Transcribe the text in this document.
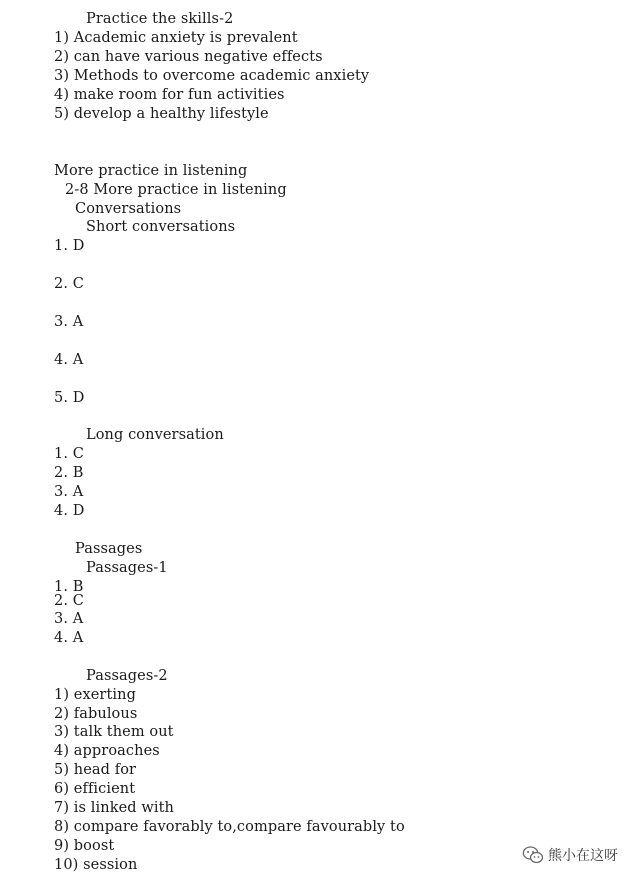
Practice the skills-2
1) Academic anxiety is prevalent
2) can have various negative effects
3) Methods to overcome academic anxiety
4) make room for fun activities
5) develop a healthy lifestyle
More practice in listening
2-8 More practice in listening
Conversations
Short conversations
1. D
2. C
3. A
4. A
5. D
Long conversation
1. C
2. B
3. A
4. D
Passages
Passages-1
1. B
2. C
3. A
4. A
Passages-2
1) exerting
2) fabulous
3) talk them out
4) approaches
5) head for
6) efficient
7) is linked with
8) compare favorably to,compare favourably to
9) boost
10) session
熊小在这呀
